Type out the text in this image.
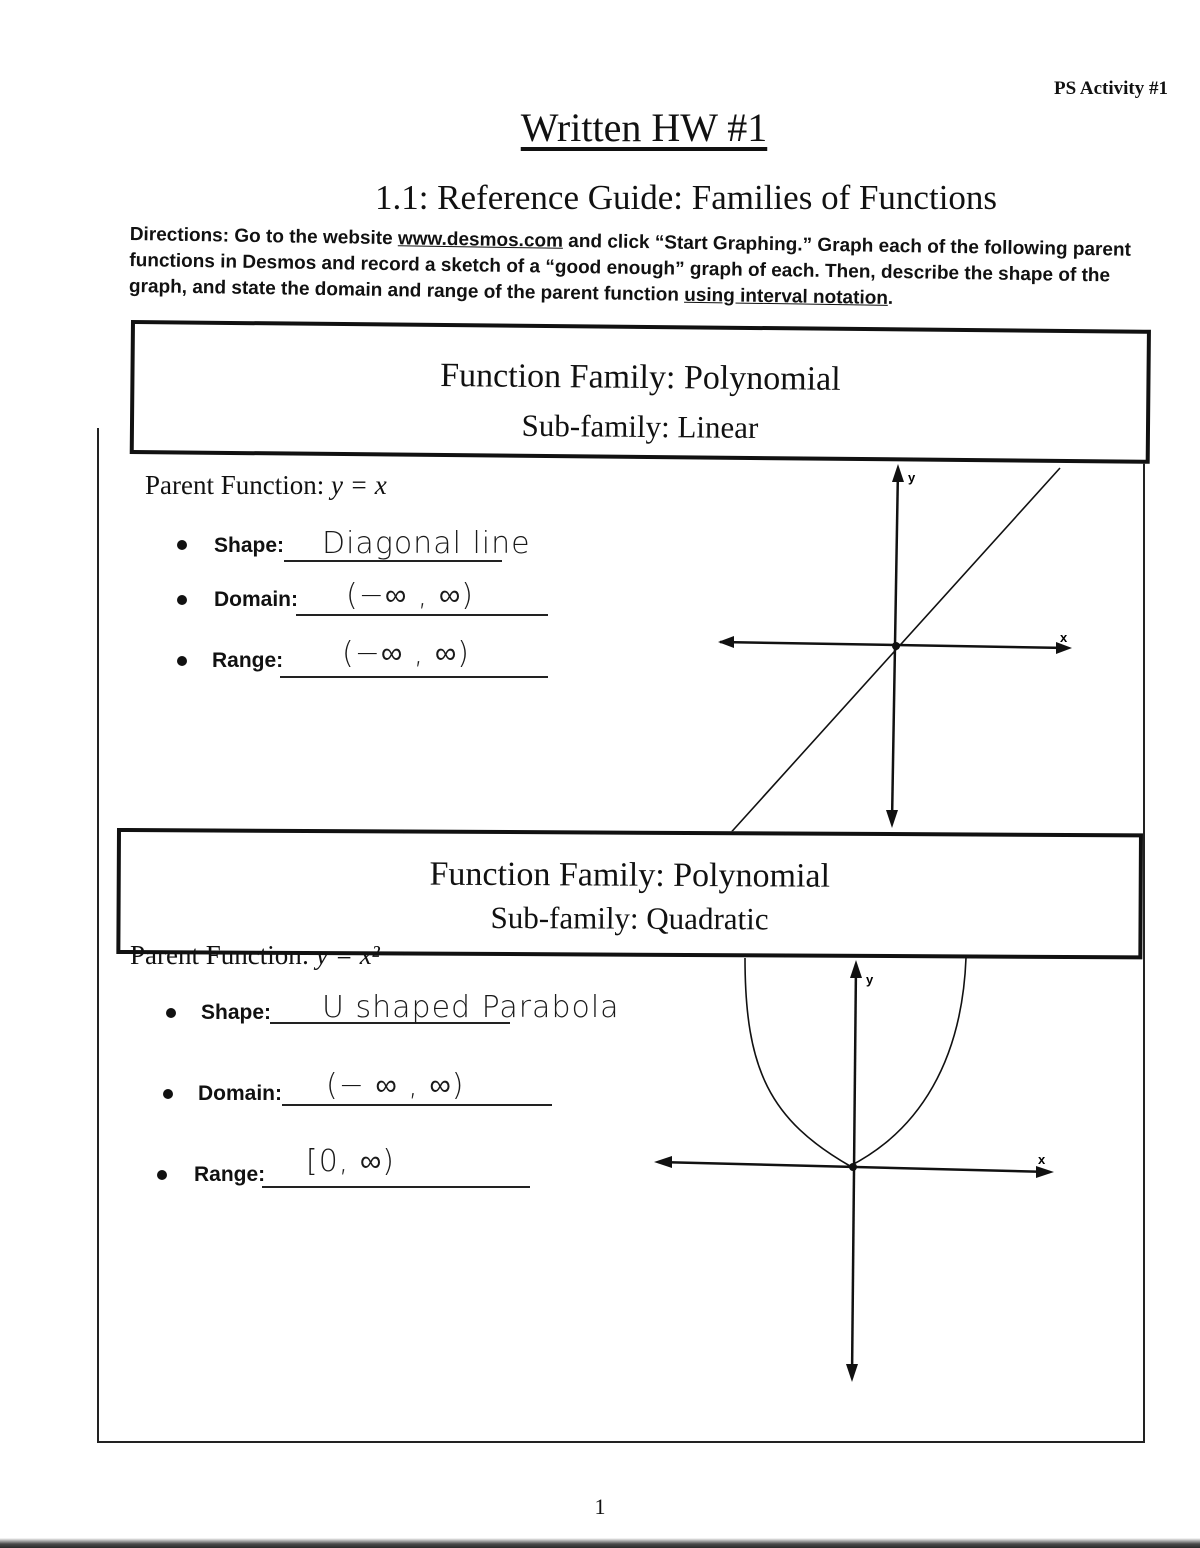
PS Activity #1
Written HW #1
1.1: Reference Guide: Families of Functions
Directions: Go to the website www.desmos.com and click “Start Graphing.” Graph each of the following parent functions in Desmos and record a sketch of a “good enough” graph of each. Then, describe the shape of the graph, and state the domain and range of the parent function using interval notation.
Function Family: Polynomial
Sub-family: Linear
Parent Function: y = x
Shape: Diagonal line
Domain: (−∞ , ∞)
Range: (−∞ , ∞)
y
x
Function Family: Polynomial
Sub-family: Quadratic
Parent Function: y = x²
Shape: U shaped Parabola
Domain: (− ∞ , ∞)
Range: [0, ∞)
y
x
1
